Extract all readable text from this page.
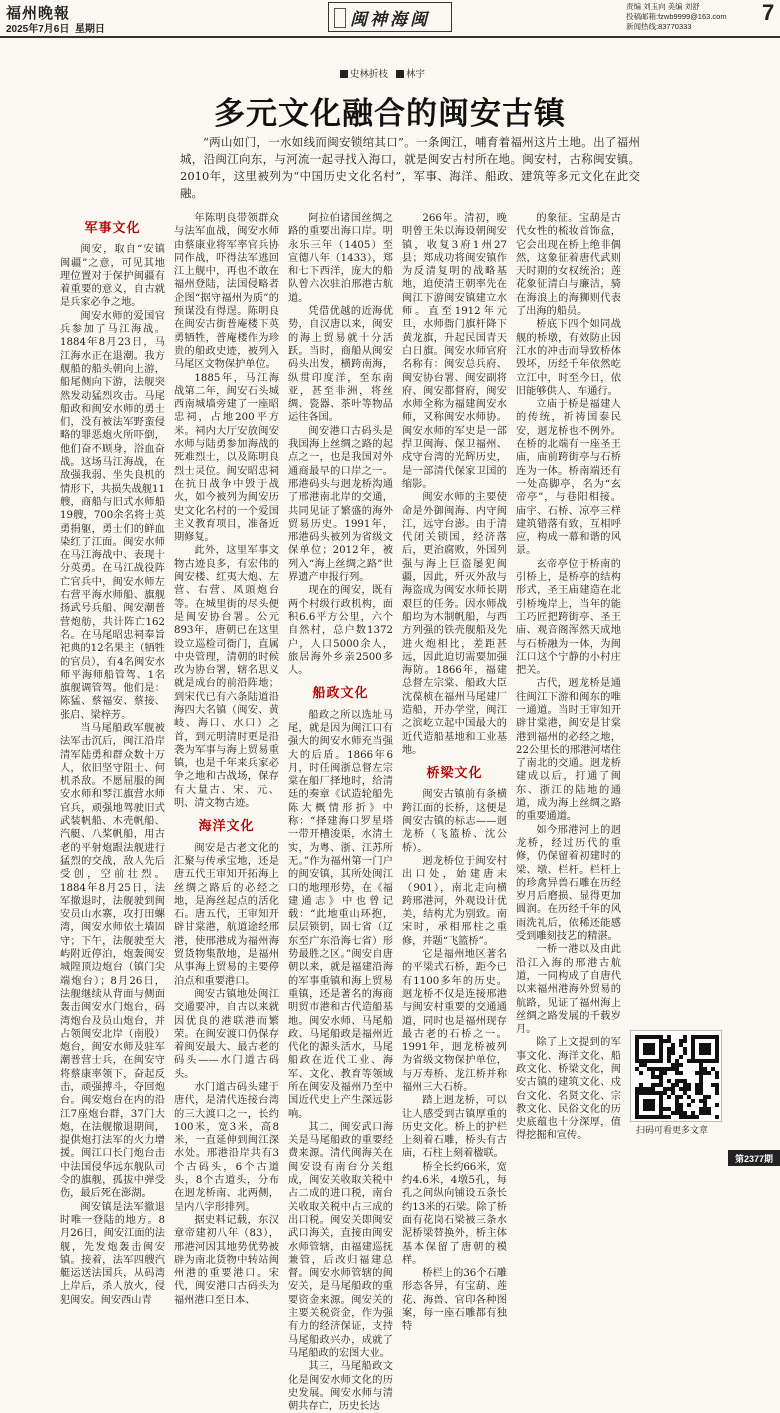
福州晚報
2025年7月6日 星期日	闽神海闽
责编 刘玉向 美编 刘舒
投稿邮箱:fzwb9999@163.com
新闻热线:83770333
7
史林折枝	林宇
多元文化融合的闽安古镇

“两山如门，一水如线而闽安锁绾其口”。一条闽江，哺育着福州这片土地。出了福州城，沿闽江向东，与河流一起寻找入海口，就是闽安古村所在地。闽安村，古称闽安镇。2010年，这里被列为“中国历史文化名村”，军事、海洋、船政、建筑等多元文化在此交融。

军事文化

闽安，取自“安镇闽疆”之意，可见其地理位置对于保护闽疆有着重要的意义，自古就是兵家必争之地。

闽安水师的爱国官兵参加了马江海战。1884年8月23日，马江海水正在退潮。我方舰船的船头朝向上游，船尾侧向下游，法舰突然发动猛烈攻击。马尾船政和闽安水师的勇士们，没有被法军野蛮侵略的罪恶炮火所吓倒，他们奋不顾身，浴血奋战。这场马江海战，在敌强我弱、坐失良机的情形下，共损失战舰11艘，商船与旧式水师船19艘，700余名将士英勇捐躯，勇士们的鲜血染红了江面。闽安水师在马江海战中、表现十分英勇。在马江战役阵亡官兵中，闽安水师左右营平海水师船、旗舰扬武号兵船、闽安潮普营炮舫，共计阵亡162名。在马尾昭忠祠奉旨祀典的12名果主（牺牲的官员），有4名闽安水师平海师船管驾、1名旗舰调管驾。他们是：陈猛、蔡福安、蔡接、张启、梁梓芳。

当马尾船政军舰被法军击沉后，闽江沿岸清军陆勇和群众数十万人，依旧坚守阻士、何机杀敌。不愿屈服的闽安水师和琴江旗营水师官兵，顽强地驾驶旧式武装帆船、木壳帆船、汽艇、八桨帆船，用古老的平射炮跟法舰进行猛烈的交战，敌人先后受创，空前壮烈。1884年8月25日，法军撤退时，法舰驶到闽安员山水寨，攻打田螺湾，闽安水师依土墙固守；下午，法舰驶至大屿附近停泊，炮轰闽安城隍顶边炮台（镇门尖端炮台）；8月26日，法舰继续从背面与侧面轰击闽安水门炮台，码湾炮台及员山炮台，并占领闽安北岸（南股）炮台，闽安水师及驻军潮普营士兵，在闽安守将蔡康率领下，奋起反击，顽强搏斗，夺回炮台。闽安炮台在内的沿江7座炮台群，37门大炮，在法舰撤退期间，提供炮打法军的火力增援。闽江口长门炮台击中法国侵华远东舰队司令的旗舰，孤拔中弹受伤，最后死在澎湖。

闽安镇是法军撤退时唯一登陆的地方。8月26日，闽安江面的法舰，先发炮轰击闽安镇。接着，法军四艘汽艇运送法国兵，从码湾上岸后，杀人放火，侵犯闽安。闽安西山青

年陈明良带领群众与法军血战，闽安水师由蔡康业将军率官兵协同作战，吓得法军逃回江上舰中，再也不敢在福州登陆，法国侵略者企图“据守福州为质”的预谋没有得逞。陈明良在闽安古街普庵楼下英勇牺牲，普庵楼作为珍贵的船政史迹，被列入马尾区文物保护单位。

1885年，马江海战第二年，闽安石头城西南城墙旁建了一座昭忠祠，占地200平方米。祠内大厅安放闽安水师与陆勇参加海战的死难烈士，以及陈明良烈士灵位。闽安昭忠祠在抗日战争中毁于战火，如今被列为闽安历史文化名村的一个爱国主义教育项目，准备近期修复。

此外，这里军事文物古迹良多，有宏伟的闽安楼、红夷大炮、左营、右营、凤頭炮台等。在城里街的尽头便是闽安协台署。公元893年，唐朝已在这里设立巡检司衙门，直属中央管理，清朝的时候改为协台署，辖名思义就是成台的前沿阵地；到宋代已有六条陆道沿海四大名镇（闽安、黄岐、海口、水口）之首，到元明清时更是沿袭为军事与海上贸易重镇，也是千年来兵家必争之地和古战场，保存有大量古、宋、元、明、清文物古迹。

海洋文化

闽安是古老文化的汇聚与传承宝地，还是唐五代王审知开拓海上丝绸之路后的必经之地，是海丝起点的活化石。唐五代，王审知开辟甘棠港，航道途经邢港，使邢港成为福州海贸货物集散地，是福州从事海上贸易的主要停泊点和重要港口。

闽安古镇地处闽江交通要冲，自古以来就因优良的港联港而繁荣。在闽安渡口仍保存着闽安最大、最古老的码头——水门道古码头。

水门道古码头建于唐代，是清代连接台湾的三大渡口之一，长约100米，宽3米，高8米，一直延伸到闽江深水处。邢港沿岸共有3个古码头，6个古道头，8个古道头，分布在迥龙桥南、北两侧，呈内八字形排列。

据史料记载，东汉章帝建初八年（83），邢港河因其地势优势被辟为南北货物中转站闽州港的重要港口。宋代，闽安港口古码头为福州港口至日本、

阿拉伯诸国丝绸之路的重要出海口岸。明永乐三年（1405）至宣德八年（1433），郑和七下西洋，庞大的船队曾六次驻泊邢港古航道。

凭借优越的近海优势，自汉唐以来，闽安的海上贸易就十分活跃。当时，商船从闽安码头出发，横跨南海，纵贯印度洋，至东南亚，甚至非洲，将丝绸、瓷器、茶叶等物品运往各国。

闽安港口古码头是我国海上丝绸之路的起点之一，也是我国对外通商最早的口岸之一。邢港码头与迥龙桥沟通了邢港南北岸的交通，共同见证了繁盛的海外贸易历史。1991年，邢港码头被列为省级文保单位；2012年，被列入“海上丝绸之路”世界遗产申报行列。

现在的闽安，既有两个村级行政机构，面积6.6平方公里，六个自然村，总户数1372户，人口5000余人，旅居海外乡亲2500多人。

船政文化

船政之所以选址马尾，就是因为闽江口有强大的闽安水师充当强大的后盾。1866年6月，时任闽浙总督左宗棠在船厂择地时，给清廷的奏章《试造轮船先陈大概情形折》中称：“择建海口罗星塔一带开槽浚渠，水清土实，为粤、浙、江苏所无。”作为福州第一门户的闽安镇，其所处闽江口的地理形势，在《福建通志》中也曾记载：“此地重山环抱，层层锁钥，固七省（辽东至广东沿海七省）形势最胜之区。”闽安自唐朝以来，就是福建沿海的军事重镇和海上贸易重镇，还是著名的海商明贸市港和古代造船基地。闽安水师、马尾船政、马尾船政是福州近代化的源头活水，马尾船政在近代工业、海军、文化、教育等领域所在闽安及福州乃至中国近代史上产生深远影响。

其二，闽安武口海关是马尾船政的重要经费来源。清代闽海关在闽安设有南台分关组成，闽安关收取关税中占二成的进口税，南台关收取关税中占三成的出口税。闽安关即闽安武口海关，直接由闽安水师管辖，由福建巡抚兼管，后改归福建总督。闽安水师管辖的闽安关，是马尾船政的重要资金来源。闽安关的主要关税资金，作为强有力的经济保证，支持马尾船政兴办，成就了马尾船政的宏图大业。

其三，马尾船政文化是闽安水师文化的历史发展。闽安水师与清朝共存亡，历史长达

266年。清初，晚明曾王朱以海设朝闽安镇，收复3府1州27县；郑成功将闽安镇作为反清复明的战略基地，迫使清王朝率先在闽江下游闽安镇建立水师。直至1912年元旦，水师衙门旗杆降下黄龙旗，升起民国青天白日旗。闽安水师官府名称有：闽安总兵府、闽安协台署、闽安副将府、闽安都督府，闽安水师全称为福建闽安水师，又称闽安水师协。闽安水师的军史是一部捍卫闽海、保卫福州、戍守台湾的光辉历史，是一部清代保家卫国的缩影。

闽安水师的主要使命是外御闽海、内守闽江，远守台澎。由于清代闭关锁国，经济落后，更治腐败，外国列强与海上巨盗屡犯闽疆，因此，歼灭外敌与海盗成为闽安水师长期艰巨的任务。因水师战船均为木制帆船，与西方列强的铁壳舰船及先进火炮相比，差距甚远，因此迫切需要加强海防。1866年，福建总督左宗棠、船政大臣沈葆桢在福州马尾建厂造船，开办学堂，闽江之滨屹立起中国最大的近代造船基地和工业基地。

桥梁文化

闽安古镇前有条横跨江面的长桥，这便是闽安古镇的标志——迥龙桥（飞篮桥、沈公桥）。

迥龙桥位于闽安村出口处，始建唐末（901），南北走向横跨邢港河，外观设计优美，结构尤为别致。南宋时，承相邢柱之重修，并题“飞篮桥”。

它是福州地区著名的平梁式石桥，距今已有1100多年的历史。迥龙桥不仅是连接邢港与闽安村重要的交通通道，同时也是福州现存最古老的石桥之一。1991年，迥龙桥被列为省级文物保护单位，与万寿桥、龙江桥并称福州三大石桥。

踏上迥龙桥，可以让人感受到古镇厚重的历史文化。桥上的护栏上刻着石雕，桥头有古庙，石柱上刻着楹联。

桥全长约66米，宽约4.6米，4墩5孔，每孔之间纵向铺设五条长约13米的石梁。除了桥面有花岗石梁被三条水泥桥梁替换外，桥主体基本保留了唐朝的模样。

桥栏上的36个石雕形态各异，有宝葫、莲花、海兽、官印各种图案，每一座石雕都有独特

的象征。宝葫是古代女性的梳妆首饰盒，它会出现在桥上绝非偶然，这象征着唐代武则天时期的女权统治；莲花象征清白与廉洁，骑在海浪上的海狮则代表了出海的船员。

桥底下四个如同战舰的桥墩，有效防止因江水的冲击而导致桥体毁坏，历经千年依然屹立江中，时至今日，依旧能够供人、车通行。

立庙于桥是福建人的传统，祈祷国泰民安，迥龙桥也不例外。在桥的北端有一座圣王庙，庙前跨街亭与石桥连为一体。桥南端还有一处高脚亭，名为“玄帝亭”，与巷阳相接。庙宇、石桥、凉亭三样建筑错落有致，互相呼应，构成一幕和谐的风景。

玄帝亭位于桥南的引桥上，是桥亭的结构形式，圣王庙建造在北引桥堍岸上，当年的能工巧匠把跨街亭、圣王庙、观音阁浑然天成地与石桥融为一体，为闽江口这个宁静的小村庄把关。

古代，迥龙桥是通往闽江下游和闽东的唯一通道。当时王审知开辟甘棠港，闽安是甘棠港到福州的必经之地，22公里长的邢港河堵住了南北的交通。迥龙桥建成以后，打通了闽东、浙江的陆地的通道，成为海上丝绸之路的重要通道。

如今邢港河上的迥龙桥，经过历代的重修，仍保留着初建时的梁、墩、栏杆。栏杆上的珍禽异兽石雕在历经岁月后磨损、显得更加圆润。在历经千年的风雨洗礼后，依稀还能感受到雕刻技艺的精湛。

一桥一港以及由此沿江入海的邢港古航道，一同构成了自唐代以来福州港海外贸易的航路，见证了福州海上丝绸之路发展的千载岁月。

除了上文提到的军事文化、海洋文化、船政文化、桥梁文化，闽安古镇的建筑文化、戍台文化、名贤文化、宗教文化、民俗文化的历史底蕴也十分深厚，值得挖掘和宣传。	扫码可看更多文章
第2377期
